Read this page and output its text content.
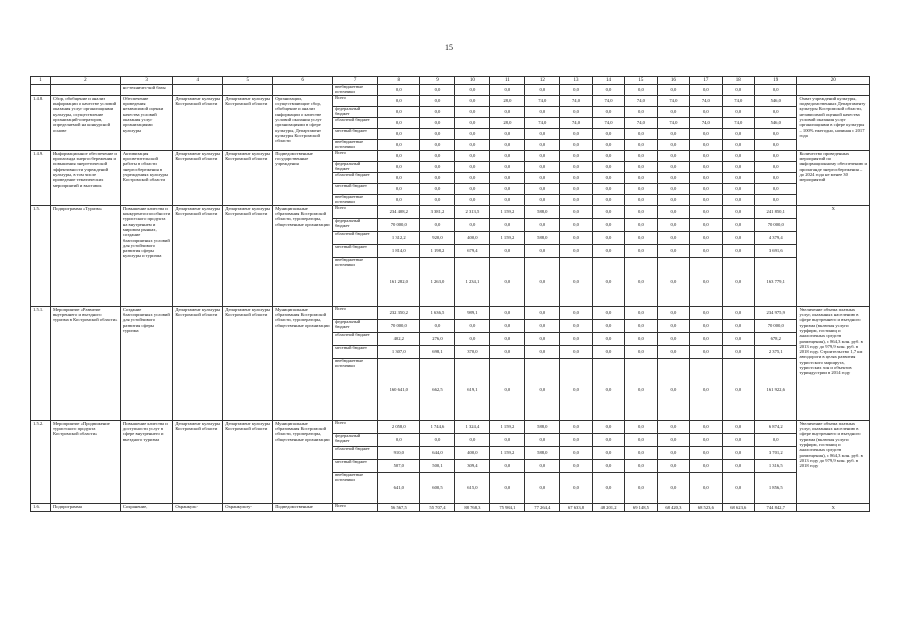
15
1	2	3	4	5	6	7	8	9	10	11	12	13	14	15	16	17	18	19	20
		но-техничес-кой базы				внебюджетные источники	0,0	0,0	0,0	0,0	0,0	0,0	0,0	0,0	0,0	0,0	0,0	0,0	
1.4.8.	Сбор, обобщение и анализ информации о качестве условий оказания услуг организациями культуры, осуществление организаций-операторов, определяемой на конкурсной основе	Обеспечение проведения независимой оценки качества условий оказания услуг организациями культуры	Департамент культуры Костромской области	Департамент культуры Костромской области	Организации, осуществляющие сбор, обобщение и анализ информации о качестве условий оказания услуг организациями в сфере культуры, Департамент культуры Костромской области	Всего	0,0	0,0	0,0	28,0	74,0	74,0	74,0	74,0	74,0	74,0	74,0	546,0	Охват учреждений культуры, подведомственных Департаменту культуры Костромской области, независимой оценкой качества условий оказания услуг организациями в сфере культуры – 100% ежегодно, начиная с 2017 года
						федеральный бюджет	0,0	0,0	0,0	0,0	0,0	0,0	0,0	0,0	0,0	0,0	0,0	0,0	
						областной бюджет	0,0	0,0	0,0	28,0	74,0	74,0	74,0	74,0	74,0	74,0	74,0	546,0	
						местный бюджет	0,0	0,0	0,0	0,0	0,0	0,0	0,0	0,0	0,0	0,0	0,0	0,0	
						внебюджетные источники	0,0	0,0	0,0	0,0	0,0	0,0	0,0	0,0	0,0	0,0	0,0	0,0	
1.4.9.	Информационное обеспечение и пропаганда энергосбережения и повышения энергетической эффективности учреждений культуры, в том числе проведение тематических мероприятий и выставок	Активизация просветительской работы в области энергосбережения в учреждениях культуры Костромской области	Департамент культуры Костромской области	Департамент культуры Костромской области	Подведомственные государственные учреждения	Всего	0,0	0,0	0,0	0,0	0,0	0,0	0,0	0,0	0,0	0,0	0,0	0,0	Количество проведенных мероприятий по информационному обеспечению и пропаганде энергосбережения – до 2024 года не менее 30 мероприятий
						федеральный бюджет	0,0	0,0	0,0	0,0	0,0	0,0	0,0	0,0	0,0	0,0	0,0	0,0	
						областной бюджет	0,0	0,0	0,0	0,0	0,0	0,0	0,0	0,0	0,0	0,0	0,0	0,0	
						местный бюджет	0,0	0,0	0,0	0,0	0,0	0,0	0,0	0,0	0,0	0,0	0,0	0,0	
						внебюджетные источники	0,0	0,0	0,0	0,0	0,0	0,0	0,0	0,0	0,0	0,0	0,0	0,0	
1.5.	Подпрограмма «Туризм»	Повышение качества и конкурентоспособности туристского продукта на внутреннем и мировом рынках, создание благоприятных условий для устойчивого развития сферы культуры и туризма	Департамент культуры Костромской области	Департамент культуры Костромской области	Муниципальные образования Костромской области, туроператоры, общественные организации	Всего	234 408,2	3 381,2	2 313,5	1 159,2	588,0	0,0	0,0	0,0	0,0	0,0	0,0	241 850,1	X
						федеральный бюджет	70 000,0	0,0	0,0	0,0	0,0	0,0	0,0	0,0	0,0	0,0	0,0	70 000,0	
						областной бюджет	1 312,2	920,0	400,0	1 159,2	588,0	0,0	0,0	0,0	0,0	0,0	0,0	4 379,4	
						местный бюджет	1 814,0	1 198,2	679,4	0,0	0,0	0,0	0,0	0,0	0,0	0,0	0,0	3 691,6	
						внебюджетные источники	161 282,0	1 263,0	1 234,1	0,0	0,0	0,0	0,0	0,0	0,0	0,0	0,0	163 779,1	
1.5.1.	Мероприятие «Развитие внутреннего и въездного туризма в Костромской области»	Создание благоприятных условий для устойчивого развития сферы туризма	Департамент культуры Костромской области	Департамент культуры Костромской области	Муниципальные образования Костромской области, туроператоры, общественные организации	Всего	232 350,2	1 636,5	989,1	0,0	0,0	0,0	0,0	0,0	0,0	0,0	0,0	234 975,9	Увеличение объема платных услуг, оказанных населению в сфере внутреннего и въездного туризма (включая услуги турфирм, гостиниц и аналогичных средств размещения), с 864,3 млн. руб. в 2013 году до 979,9 млн. руб. в 2018 году. Строительство 1,7 км автодороги в целях развития туристского маршрута, туристских зон и объектов туриндустрии в 2014 году
						федеральный бюджет	70 000,0	0,0	0,0	0,0	0,0	0,0	0,0	0,0	0,0	0,0	0,0	70 000,0	
						областной бюджет	402,2	276,0	0,0	0,0	0,0	0,0	0,0	0,0	0,0	0,0	0,0	678,2	
						местный бюджет	1 307,0	698,1	370,0	0,0	0,0	0,0	0,0	0,0	0,0	0,0	0,0	2 375,1	
						внебюджетные источники	160 641,0	662,5	619,1	0,0	0,0	0,0	0,0	0,0	0,0	0,0	0,0	161 922,6	
1.5.2.	Мероприятие «Продвижение туристского продукта Костромской области»	Повышение качества и доступности услуг в сфере внутреннего и въездного туризма	Департамент культуры Костромской области	Департамент культуры Костромской области	Муниципальные образования Костромской области, туроператоры, общественные организации	Всего	2 058,0	1 744,6	1 324,4	1 159,2	588,0	0,0	0,0	0,0	0,0	0,0	0,0	6 874,2	Увеличение объема платных услуг, оказанных населению в сфере внутреннего и въездного туризма (включая услуги турфирм, гостиниц и аналогичных средств размещения), с 864,3 млн. руб. в 2013 году до 979,9 млн. руб. в 2018 году
						федеральный бюджет	0,0	0,0	0,0	0,0	0,0	0,0	0,0	0,0	0,0	0,0	0,0	0,0	
						областной бюджет	910,0	644,0	400,0	1 159,2	588,0	0,0	0,0	0,0	0,0	0,0	0,0	3 701,2	
						местный бюджет	507,0	500,1	309,4	0,0	0,0	0,0	0,0	0,0	0,0	0,0	0,0	1 316,5	
						внебюджетные источники	641,0	600,5	615,0	0,0	0,0	0,0	0,0	0,0	0,0	0,0	0,0	1 856,5	
1.6.	Подпрограмма	Сохранение,	Охранкуль-	Охранкульту-	Подведомственные	Всего	56 567,5	55 707,4	88 768,3	75 984,1	77 264,4	67 633,8	48 201,2	69 148,5	68 420,3	68 523,6	68 623,6	744 842,7	X
